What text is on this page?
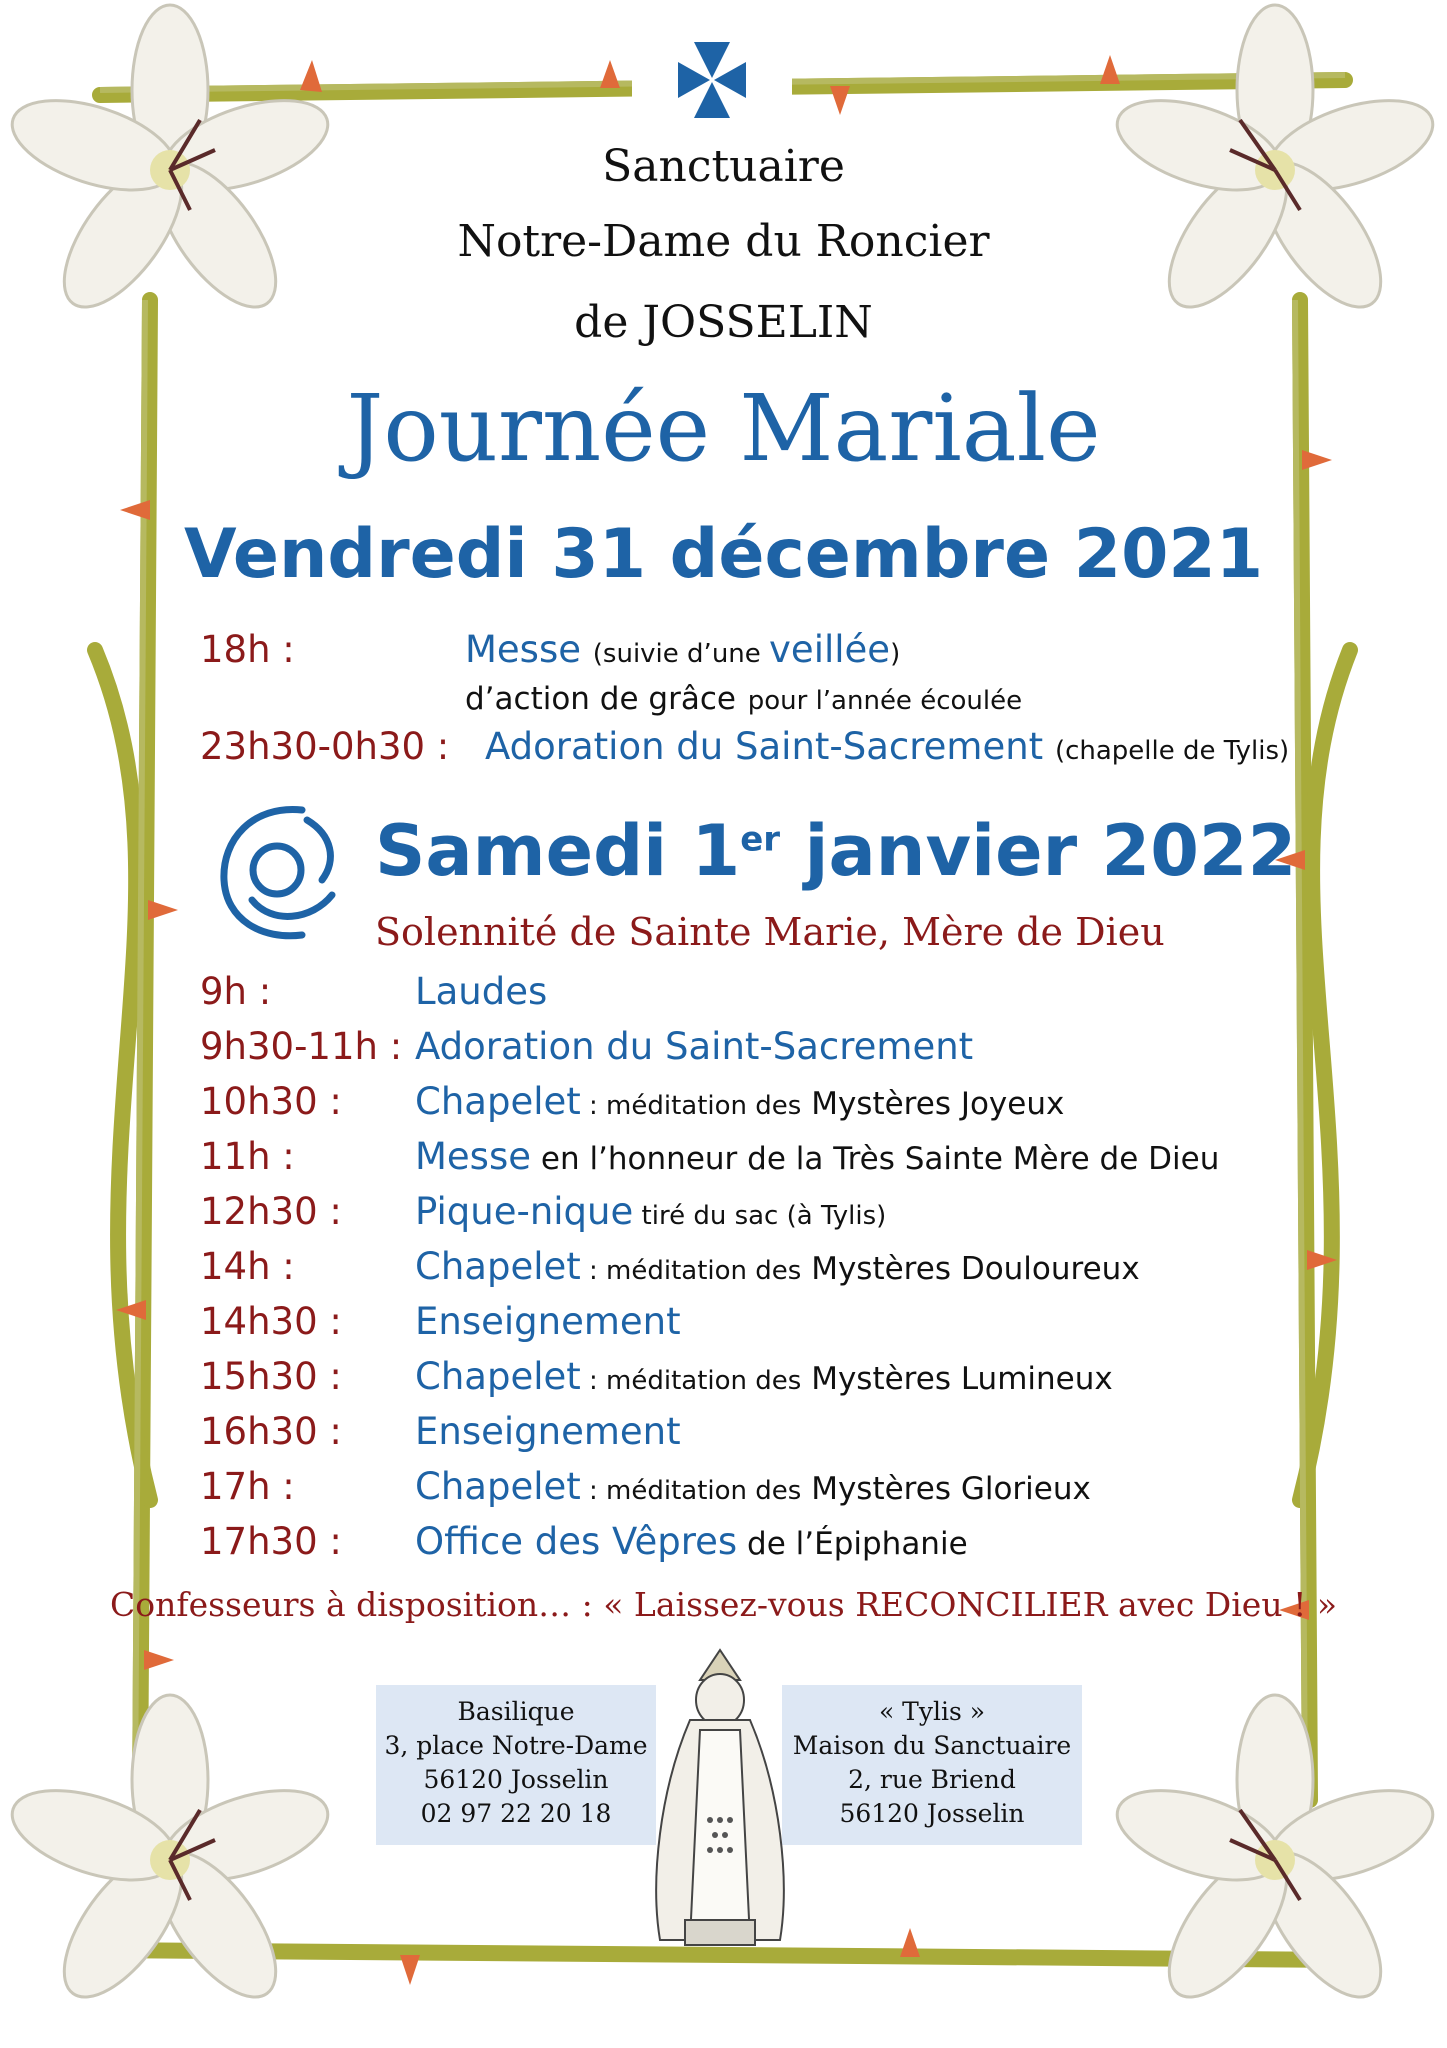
Sanctuaire
Notre-Dame du Roncier
de JOSSELIN
Journée Mariale
Vendredi 31 décembre 2021
18h :	Messe (suivie d’une veillée)
d’action de grâce pour l’année écoulée
23h30-0h30 : Adoration du Saint-Sacrement (chapelle de Tylis)
Samedi 1er janvier 2022
Solennité de Sainte Marie, Mère de Dieu
9h :	Laudes
9h30-11h : Adoration du Saint-Sacrement
10h30 : Chapelet : méditation des Mystères Joyeux
11h :	Messe en l’honneur de la Très Sainte Mère de Dieu
12h30 : Pique-nique tiré du sac (à Tylis)
14h :	Chapelet : méditation des Mystères Douloureux
14h30 : Enseignement
15h30 : Chapelet : méditation des Mystères Lumineux
16h30 : Enseignement
17h :	Chapelet : méditation des Mystères Glorieux
17h30 : Office des Vêpres de l’Épiphanie
Confesseurs à disposition… : « Laissez-vous RECONCILIER avec Dieu ! »
Basilique
3, place Notre-Dame
56120 Josselin
02 97 22 20 18
« Tylis »
Maison du Sanctuaire
2, rue Briend
56120 Josselin
